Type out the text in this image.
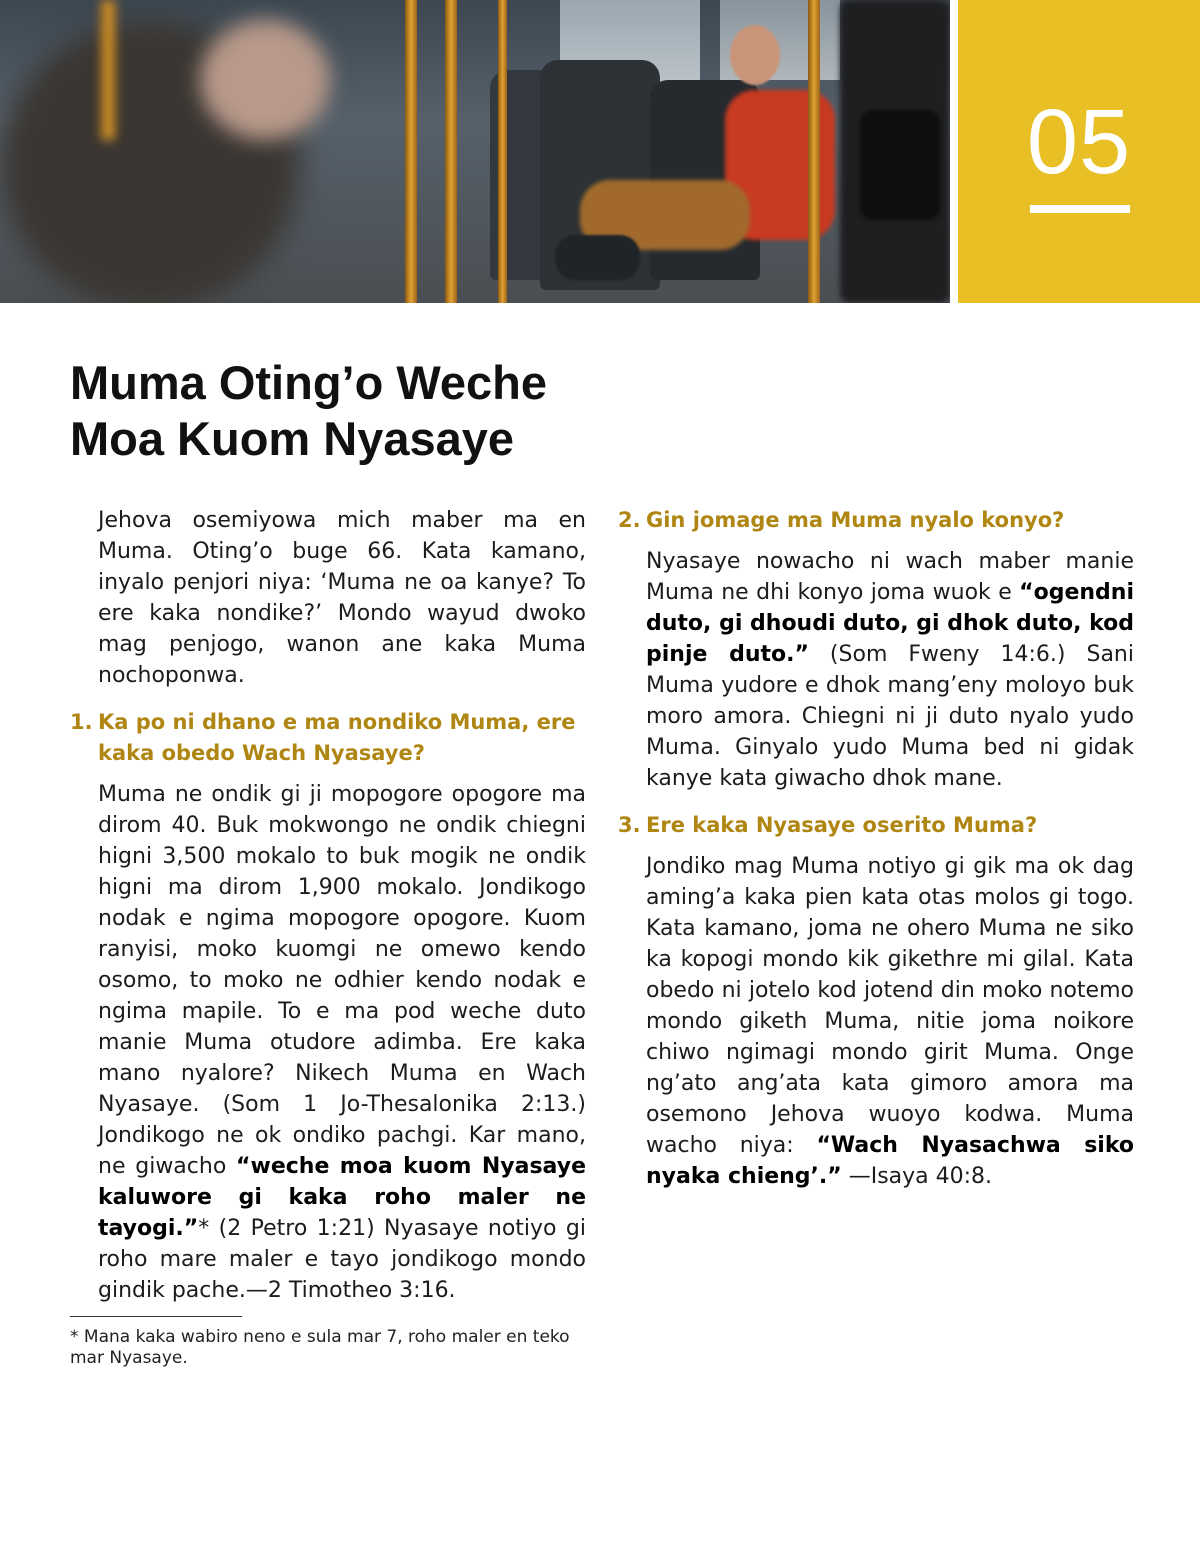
05
Muma Oting’o Weche
Moa Kuom Nyasaye

Jehova osemiyowa mich maber ma en Muma. Oting’o buge 66. Kata kamano, inyalo penjori niya: ‘Muma ne oa kanye? To ere kaka nondike?’ Mondo wayud dwoko mag penjogo, wanon ane kaka Muma nochoponwa.

1. Ka po ni dhano e ma nondiko Muma, ere kaka obedo Wach Nyasaye?

Muma ne ondik gi ji mopogore opogore ma dirom 40. Buk mokwongo ne ondik chiegni higni 3,500 mokalo to buk mogik ne ondik higni ma dirom 1,900 mokalo. Jondikogo nodak e ngima mopogore opogore. Kuom ranyisi, moko kuomgi ne omewo kendo osomo, to moko ne odhier kendo nodak e ngima mapile. To e ma pod weche duto manie Muma otudore adimba. Ere kaka mano nyalore? Nikech Muma en Wach Nyasaye. (Som 1 Jo-Thesalonika 2:13.) Jondikogo ne ok ondiko pachgi. Kar mano, ne giwacho “weche moa kuom Nyasaye kaluwore gi kaka roho maler ne tayogi.”* (2 Petro 1:21) Nyasaye notiyo gi roho mare maler e tayo jondikogo mondo gindik pache.—2 Timotheo 3:16.

* Mana kaka wabiro neno e sula mar 7, roho maler en teko mar Nyasaye.

2. Gin jomage ma Muma nyalo konyo?

Nyasaye nowacho ni wach maber manie Muma ne dhi konyo joma wuok e “ogendni duto, gi dhoudi duto, gi dhok duto, kod pinje duto.” (Som Fweny 14:6.) Sani Muma yudore e dhok mang’eny moloyo buk moro amora. Chiegni ni ji duto nyalo yudo Muma. Ginyalo yudo Muma bed ni gidak kanye kata giwacho dhok mane.

3. Ere kaka Nyasaye oserito Muma?

Jondiko mag Muma notiyo gi gik ma ok dag aming’a kaka pien kata otas molos gi togo. Kata kamano, joma ne ohero Muma ne siko ka kopogi mondo kik gikethre mi gilal. Kata obedo ni jotelo kod jotend din moko notemo mondo giketh Muma, nitie joma noikore chiwo ngimagi mondo girit Muma. Onge ng’ato ang’ata kata gimoro amora ma osemono Jehova wuoyo kodwa. Muma wacho niya: “Wach Nyasachwa siko nyaka chieng’.” —Isaya 40:8.
